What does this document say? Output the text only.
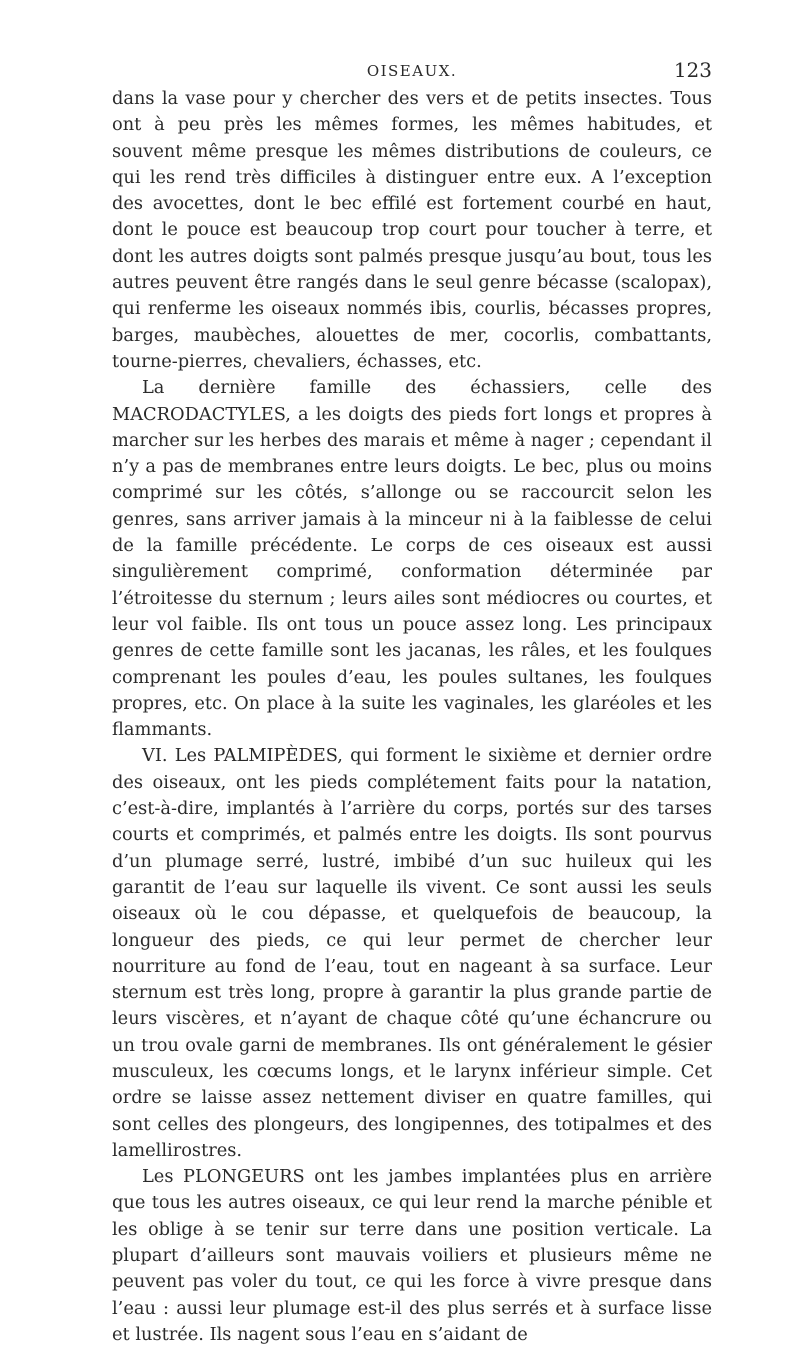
OISEAUX.	123

dans la vase pour y chercher des vers et de petits insectes. Tous ont à peu près les mêmes formes, les mêmes habitudes, et souvent même presque les mêmes distributions de couleurs, ce qui les rend très difficiles à distinguer entre eux. A l’exception des avocettes, dont le bec effilé est fortement courbé en haut, dont le pouce est beaucoup trop court pour toucher à terre, et dont les autres doigts sont palmés presque jusqu’au bout, tous les autres peuvent être rangés dans le seul genre bécasse (scalopax), qui renferme les oiseaux nommés ibis, courlis, bécasses propres, barges, maubèches, alouettes de mer, cocorlis, combattants, tourne-pierres, chevaliers, échasses, etc.

La dernière famille des échassiers, celle des MACRODACTYLES, a les doigts des pieds fort longs et propres à marcher sur les herbes des marais et même à nager ; cependant il n’y a pas de membranes entre leurs doigts. Le bec, plus ou moins comprimé sur les côtés, s’allonge ou se raccourcit selon les genres, sans arriver jamais à la minceur ni à la faiblesse de celui de la famille précédente. Le corps de ces oiseaux est aussi singulièrement comprimé, conformation déterminée par l’étroitesse du sternum ; leurs ailes sont médiocres ou courtes, et leur vol faible. Ils ont tous un pouce assez long. Les principaux genres de cette famille sont les jacanas, les râles, et les foulques comprenant les poules d’eau, les poules sultanes, les foulques propres, etc. On place à la suite les vaginales, les glaréoles et les flammants.

VI. Les PALMIPÈDES, qui forment le sixième et dernier ordre des oiseaux, ont les pieds complétement faits pour la natation, c’est-à-dire, implantés à l’arrière du corps, portés sur des tarses courts et comprimés, et palmés entre les doigts. Ils sont pourvus d’un plumage serré, lustré, imbibé d’un suc huileux qui les garantit de l’eau sur laquelle ils vivent. Ce sont aussi les seuls oiseaux où le cou dépasse, et quelquefois de beaucoup, la longueur des pieds, ce qui leur permet de chercher leur nourriture au fond de l’eau, tout en nageant à sa surface. Leur sternum est très long, propre à garantir la plus grande partie de leurs viscères, et n’ayant de chaque côté qu’une échancrure ou un trou ovale garni de membranes. Ils ont généralement le gésier musculeux, les cœcums longs, et le larynx inférieur simple. Cet ordre se laisse assez nettement diviser en quatre familles, qui sont celles des plongeurs, des longipennes, des totipalmes et des lamellirostres.

Les PLONGEURS ont les jambes implantées plus en arrière que tous les autres oiseaux, ce qui leur rend la marche pénible et les oblige à se tenir sur terre dans une position verticale. La plupart d’ailleurs sont mauvais voiliers et plusieurs même ne peuvent pas voler du tout, ce qui les force à vivre presque dans l’eau : aussi leur plumage est-il des plus serrés et à surface lisse et lustrée. Ils nagent sous l’eau en s’aidant de
